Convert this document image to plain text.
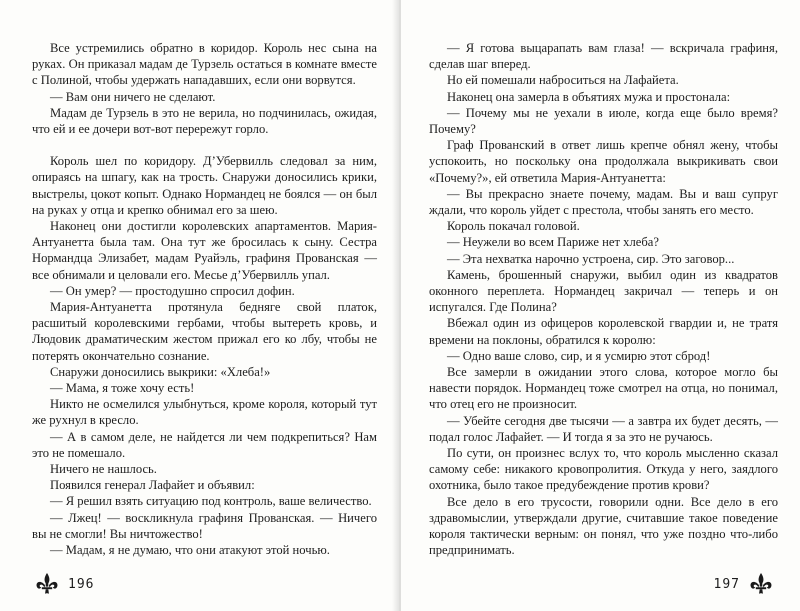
Все устремились обратно в коридор. Король нес сына на руках. Он приказал мадам де Турзель остаться в комнате вместе с Полиной, чтобы удержать нападавших, если они ворвутся.

— Вам они ничего не сделают.

Мадам де Турзель в это не верила, но подчинилась, ожидая, что ей и ее дочери вот-вот перережут горло.

Король шел по коридору. Д’Убервилль следовал за ним, опираясь на шпагу, как на трость. Снаружи доносились крики, выстрелы, цокот копыт. Однако Нормандец не боялся — он был на руках у отца и крепко обнимал его за шею.

Наконец они достигли королевских апартаментов. Мария-Антуанетта была там. Она тут же бросилась к сыну. Сестра Нормандца Элизабет, мадам Руайэль, графиня Прованская — все обнимали и целовали его. Месье д’Убервилль упал.

— Он умер? — простодушно спросил дофин.

Мария-Антуанетта протянула бедняге свой платок, расшитый королевскими гербами, чтобы вытереть кровь, и Людовик драматическим жестом прижал его ко лбу, чтобы не потерять окончательно сознание.

Снаружи доносились выкрики: «Хлеба!»

— Мама, я тоже хочу есть!

Никто не осмелился улыбнуться, кроме короля, который тут же рухнул в кресло.

— А в самом деле, не найдется ли чем подкрепиться? Нам это не помешало.

Ничего не нашлось.

Появился генерал Лафайет и объявил:

— Я решил взять ситуацию под контроль, ваше величество.

— Лжец! — воскликнула графиня Прованская. — Ничего вы не смогли! Вы ничтожество!

— Мадам, я не думаю, что они атакуют этой ночью.

196

— Я готова выцарапать вам глаза! — вскричала графиня, сделав шаг вперед.

Но ей помешали наброситься на Лафайета.

Наконец она замерла в объятиях мужа и простонала:

— Почему мы не уехали в июле, когда еще было время? Почему?

Граф Прованский в ответ лишь крепче обнял жену, чтобы успокоить, но поскольку она продолжала выкрикивать свои «Почему?», ей ответила Мария-Антуанетта:

— Вы прекрасно знаете почему, мадам. Вы и ваш супруг ждали, что король уйдет с престола, чтобы занять его место.

Король покачал головой.

— Неужели во всем Париже нет хлеба?

— Эта нехватка нарочно устроена, сир. Это заговор...

Камень, брошенный снаружи, выбил один из квадратов оконного переплета. Нормандец закричал — теперь и он испугался. Где Полина?

Вбежал один из офицеров королевской гвардии и, не тратя времени на поклоны, обратился к королю:

— Одно ваше слово, сир, и я усмирю этот сброд!

Все замерли в ожидании этого слова, которое могло бы навести порядок. Нормандец тоже смотрел на отца, но понимал, что отец его не произносит.

— Убейте сегодня две тысячи — а завтра их будет десять, — подал голос Лафайет. — И тогда я за это не ручаюсь.

По сути, он произнес вслух то, что король мысленно сказал самому себе: никакого кровопролития. Откуда у него, заядлого охотника, было такое предубеждение против крови?

Все дело в его трусости, говорили одни. Все дело в его здравомыслии, утверждали другие, считавшие такое поведение короля тактически верным: он понял, что уже поздно что-либо предпринимать.

197
